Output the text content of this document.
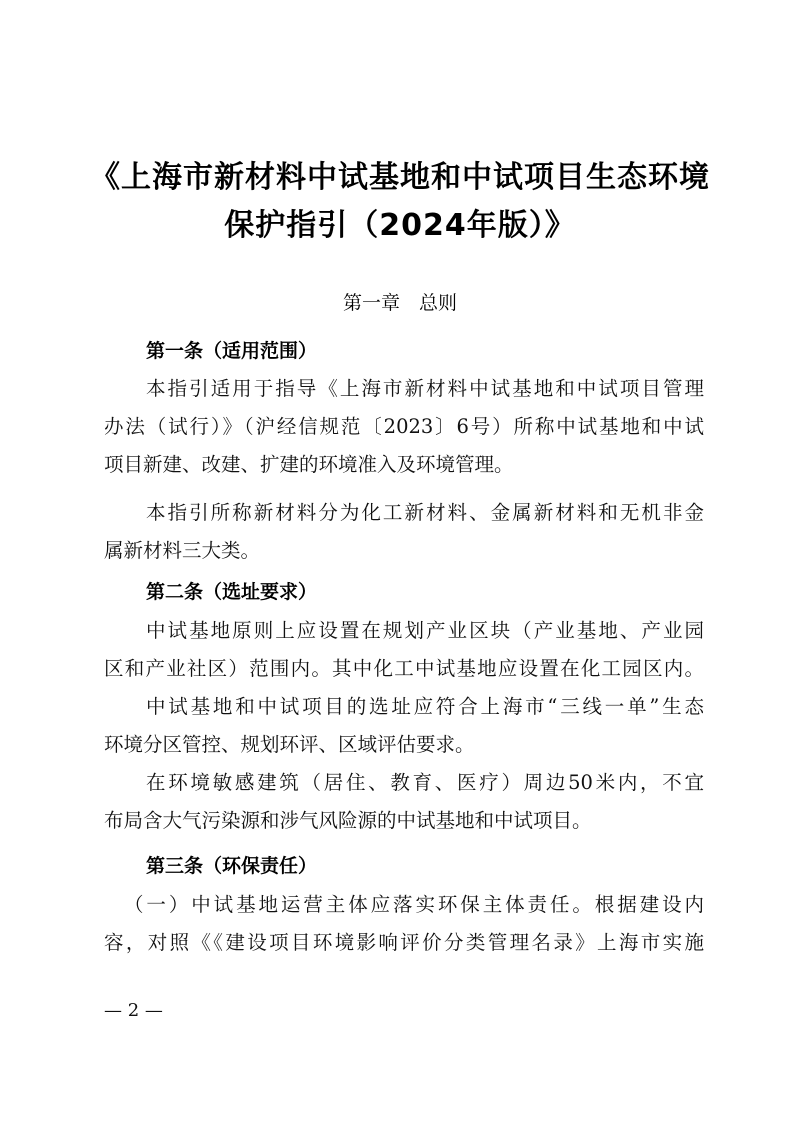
《上海市新材料中试基地和中试项目生态环境
保护指引（2024年版）》
第一章　总则
第一条（适用范围）
本指引适用于指导《上海市新材料中试基地和中试项目管理
办法（试行）》（沪经信规范〔2023〕6号）所称中试基地和中试
项目新建、改建、扩建的环境准入及环境管理。
本指引所称新材料分为化工新材料、金属新材料和无机非金
属新材料三大类。
第二条（选址要求）
中试基地原则上应设置在规划产业区块（产业基地、产业园
区和产业社区）范围内。其中化工中试基地应设置在化工园区内。
中试基地和中试项目的选址应符合上海市“三线一单”生态
环境分区管控、规划环评、区域评估要求。
在环境敏感建筑（居住、教育、医疗）周边50米内，不宜
布局含大气污染源和涉气风险源的中试基地和中试项目。
第三条（环保责任）
（一）中试基地运营主体应落实环保主体责任。根据建设内
容，对照《《建设项目环境影响评价分类管理名录》上海市实施
— 2 —
